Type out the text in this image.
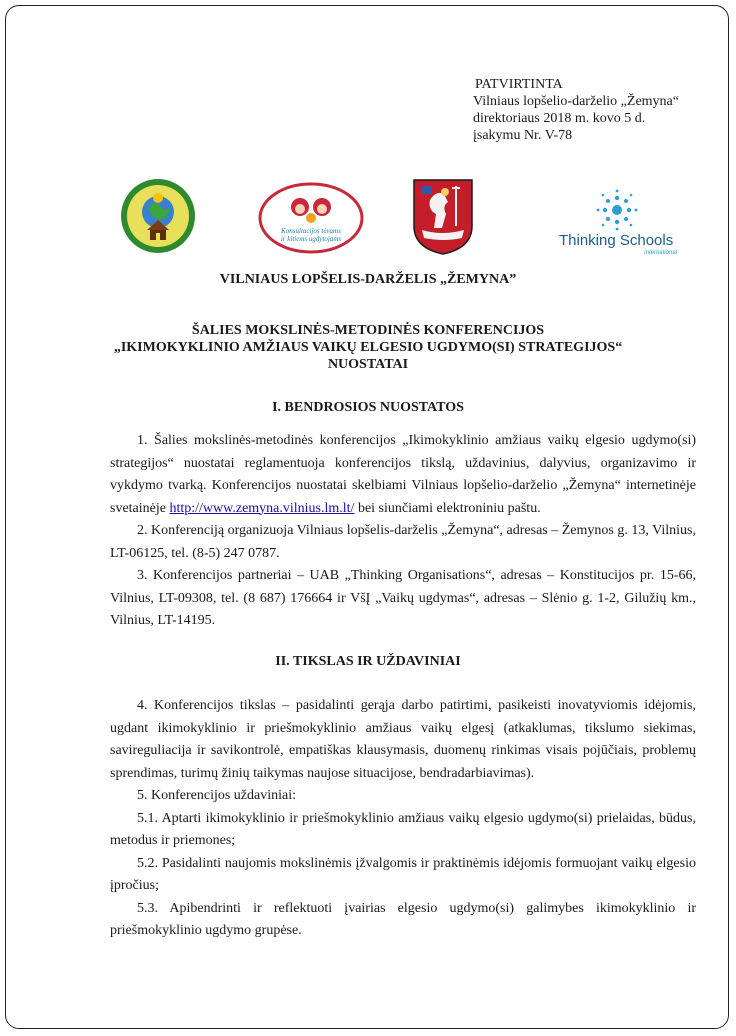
PATVIRTINTA
Vilniaus lopšelio-darželio „Žemyna“
direktoriaus 2018 m. kovo 5 d.
įsakymu Nr. V-78
Konsultacijos tėvams
ir kitiems ugdytojams	Thinking Schools
international
VILNIAUS LOPŠELIS-DARŽELIS „ŽEMYNA”
ŠALIES MOKSLINĖS-METODINĖS KONFERENCIJOS
„IKIMOKYKLINIO AMŽIAUS VAIKŲ ELGESIO UGDYMO(SI) STRATEGIJOS“
NUOSTATAI
I. BENDROSIOS NUOSTATOS

1. Šalies mokslinės-metodinės konferencijos „Ikimokyklinio amžiaus vaikų elgesio ugdymo(si) strategijos“ nuostatai reglamentuoja konferencijos tikslą, uždavinius, dalyvius, organizavimo ir vykdymo tvarką. Konferencijos nuostatai skelbiami Vilniaus lopšelio-darželio „Žemyna“ internetinėje svetainėje http://www.zemyna.vilnius.lm.lt/ bei siunčiami elektroniniu paštu.

2. Konferenciją organizuoja Vilniaus lopšelis-darželis „Žemyna“, adresas – Žemynos g. 13, Vilnius, LT-06125, tel. (8-5) 247 0787.

3. Konferencijos partneriai – UAB „Thinking Organisations“, adresas – Konstitucijos pr. 15-66, Vilnius, LT-09308, tel. (8 687) 176664 ir VšĮ „Vaikų ugdymas“, adresas – Slėnio g. 1-2, Gilužių km., Vilnius, LT-14195.

II. TIKSLAS IR UŽDAVINIAI

4. Konferencijos tikslas – pasidalinti gerąja darbo patirtimi, pasikeisti inovatyviomis idėjomis, ugdant ikimokyklinio ir priešmokyklinio amžiaus vaikų elgesį (atkaklumas, tikslumo siekimas, savireguliacija ir savikontrolė, empatiškas klausymasis, duomenų rinkimas visais pojūčiais, problemų sprendimas, turimų žinių taikymas naujose situacijose, bendradarbiavimas).

5. Konferencijos uždaviniai:

5.1. Aptarti ikimokyklinio ir priešmokyklinio amžiaus vaikų elgesio ugdymo(si) prielaidas, būdus, metodus ir priemones;

5.2. Pasidalinti naujomis mokslinėmis įžvalgomis ir praktinėmis idėjomis formuojant vaikų elgesio įpročius;

5.3. Apibendrinti ir reflektuoti įvairias elgesio ugdymo(si) galimybes ikimokyklinio ir priešmokyklinio ugdymo grupėse.
